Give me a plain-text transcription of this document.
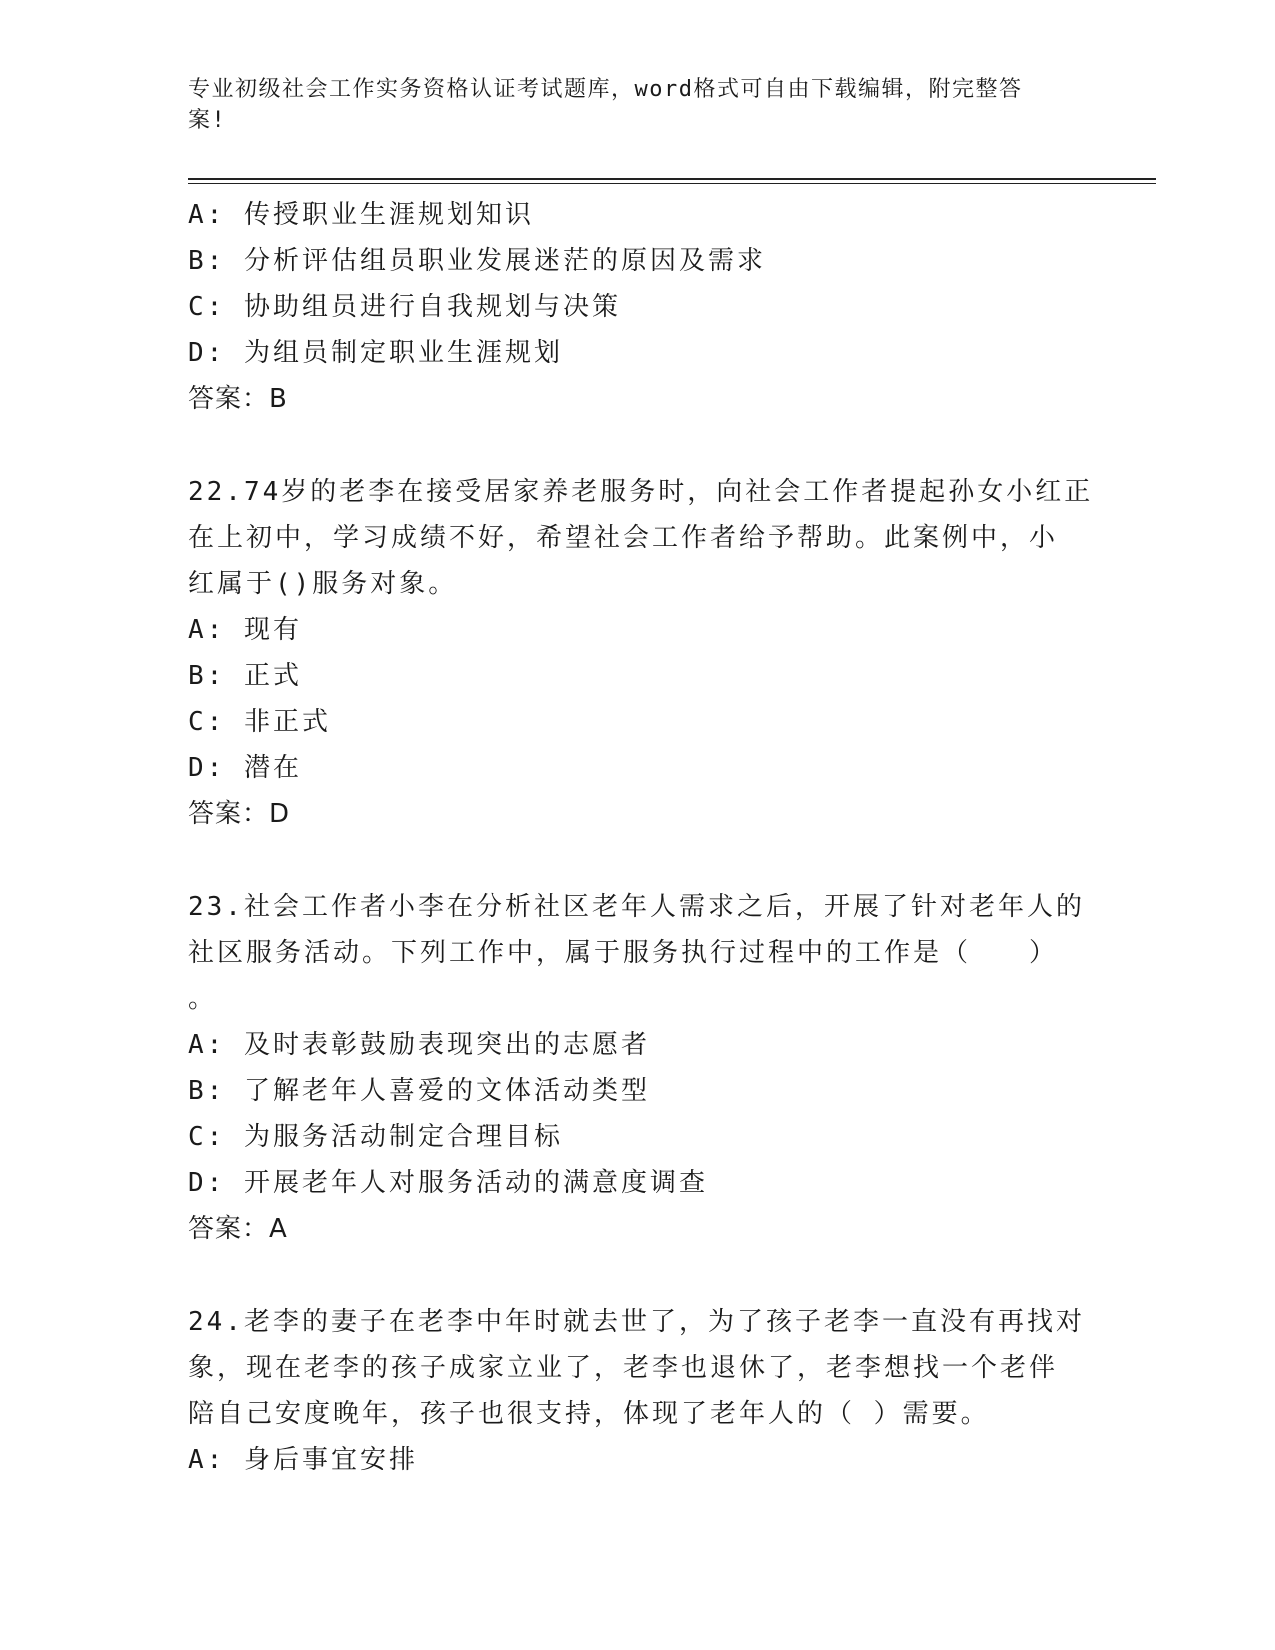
专业初级社会工作实务资格认证考试题库，word格式可自由下载编辑，附完整答
案!
A: 传授职业生涯规划知识
B: 分析评估组员职业发展迷茫的原因及需求
C: 协助组员进行自我规划与决策
D: 为组员制定职业生涯规划
答案：B
22.74岁的老李在接受居家养老服务时，向社会工作者提起孙女小红正
在上初中，学习成绩不好，希望社会工作者给予帮助。此案例中，小
红属于()服务对象。
A: 现有
B: 正式
C: 非正式
D: 潜在
答案：D
23.社会工作者小李在分析社区老年人需求之后，开展了针对老年人的
社区服务活动。下列工作中，属于服务执行过程中的工作是（　　）
。
A: 及时表彰鼓励表现突出的志愿者
B: 了解老年人喜爱的文体活动类型
C: 为服务活动制定合理目标
D: 开展老年人对服务活动的满意度调查
答案：A
24.老李的妻子在老李中年时就去世了，为了孩子老李一直没有再找对
象，现在老李的孩子成家立业了，老李也退休了，老李想找一个老伴
陪自己安度晚年，孩子也很支持，体现了老年人的（ ）需要。
A: 身后事宜安排
